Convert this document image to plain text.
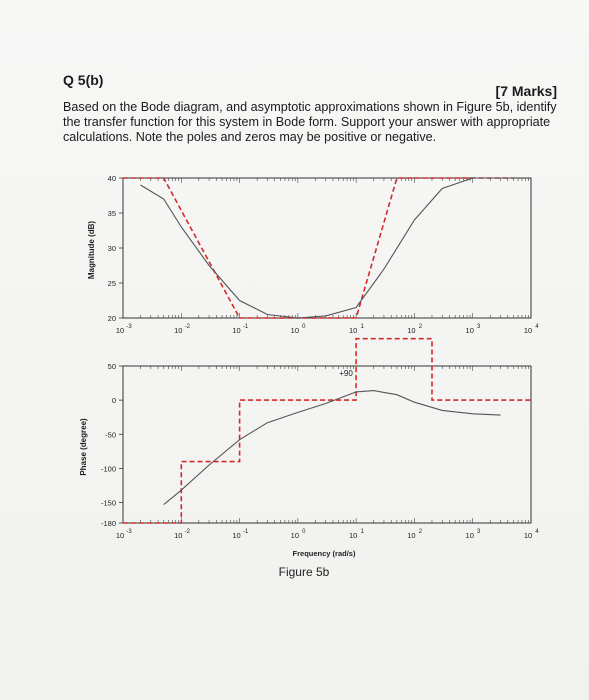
Q 5(b)
[7 Marks]
Based on the Bode diagram, and asymptotic approximations shown in Figure 5b, identify the transfer function for this system in Bode form. Support your answer with appropriate calculations. Note the poles and zeros may be positive or negative.
Magnitude (dB)
Phase (degree)
+90
Frequency (rad/s)
Figure 5b
10 -3	10 -2	10 -1	10 0	10 1	10 2	10 3	10 4
10 -3	10 -2	10 -1	10 0	10 1	10 2	10 3	10 4
40
35
30
25
20
50
0
-50
-100
-150
-180
